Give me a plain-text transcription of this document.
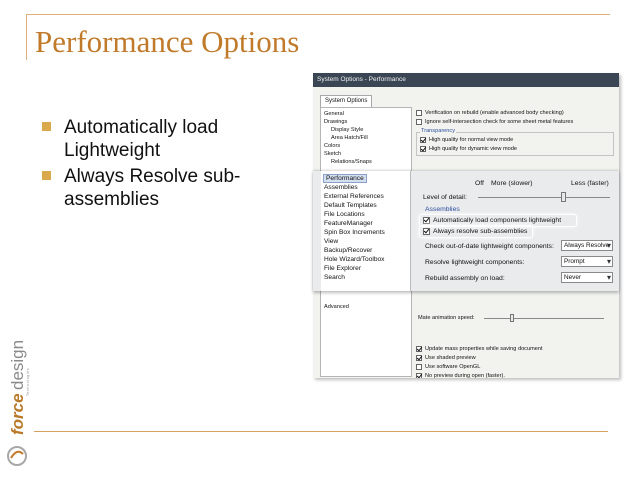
Performance Options
Automatically load Lightweight
Always Resolve sub-assemblies
System Options - Performance
System Options
General
Drawings
Display Style
Area Hatch/Fill
Colors
Sketch
Relations/Snaps
Advanced
Verification on rebuild (enable advanced body checking)
Ignore self-intersection check for some sheet metal features
Transparency
High quality for normal view mode
High quality for dynamic view mode
Mate animation speed:
Update mass properties while saving document
Use shaded preview
Use software OpenGL
No preview during open (faster).
Performance
Assemblies
External References
Default Templates
File Locations
FeatureManager
Spin Box Increments
View
Backup/Recover
Hole Wizard/Toolbox
File Explorer
Search
Off More (slower)	Less (faster)
Level of detail:
Assemblies
Automatically load components lightweight
Always resolve sub-assemblies
Check out-of-date lightweight components:	Always Resolve ▾
Resolve lightweight components:	Prompt ▾
Rebuild assembly on load:	Never ▾
force
design Technologies
